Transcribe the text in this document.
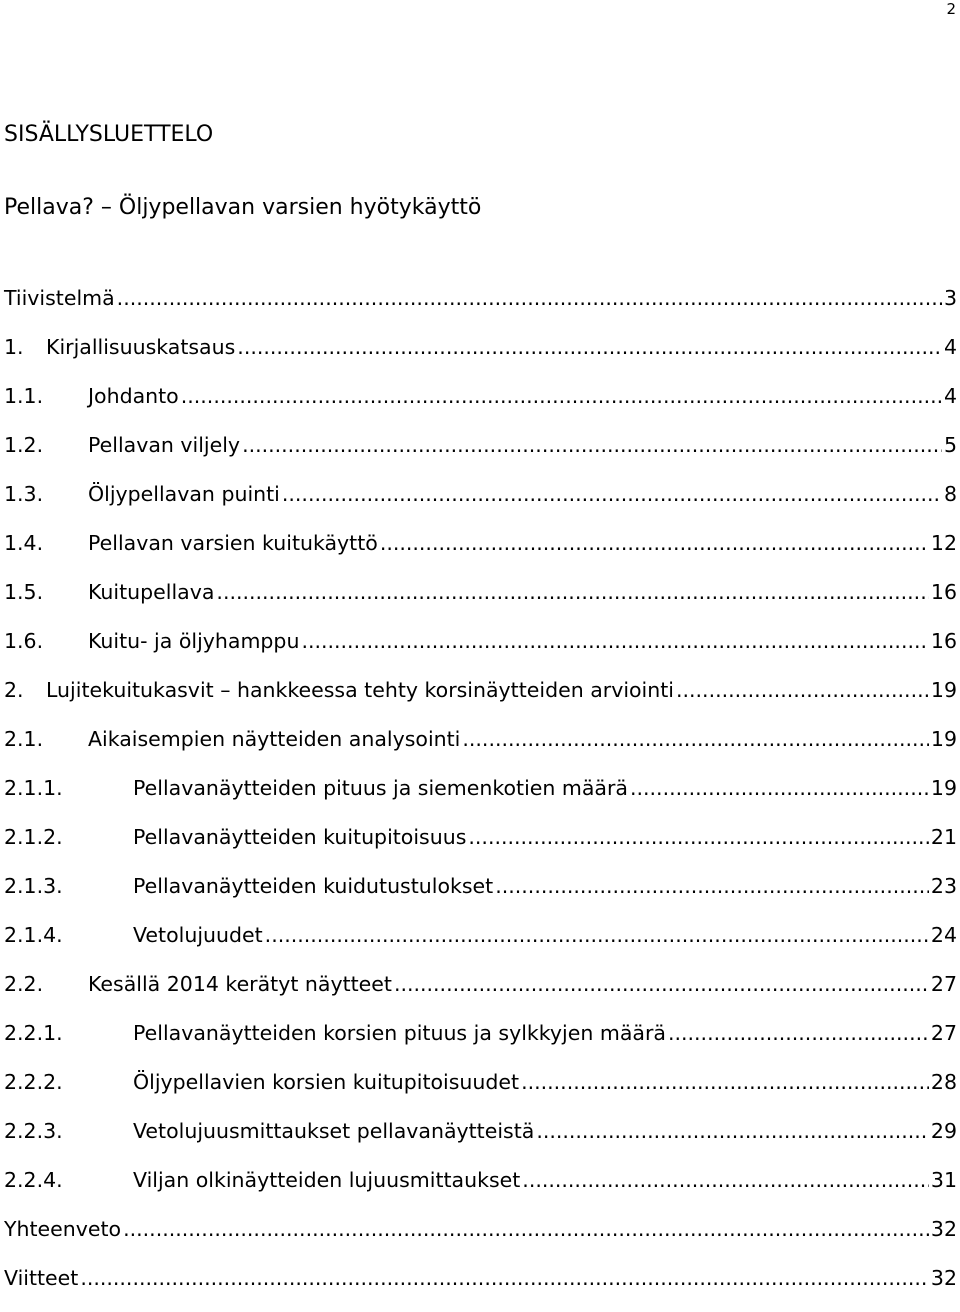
2
SISÄLLYSLUETTELO
Pellava? – Öljypellavan varsien hyötykäyttö
Tiivistelmä .....	3
1.	Kirjallisuuskatsaus .....	4
1.1.	Johdanto .....	4
1.2.	Pellavan viljely .....	5
1.3.	Öljypellavan puinti .....	8
1.4.	Pellavan varsien kuitukäyttö .....	12
1.5.	Kuitupellava .....	16
1.6.	Kuitu- ja öljyhamppu .....	16
2.	Lujitekuitukasvit – hankkeessa tehty korsinäytteiden arviointi .....	19
2.1.	Aikaisempien näytteiden analysointi .....	19
2.1.1.	Pellavanäytteiden pituus ja siemenkotien määrä .....	19
2.1.2.	Pellavanäytteiden kuitupitoisuus .....	21
2.1.3.	Pellavanäytteiden kuidutustulokset .....	23
2.1.4.	Vetolujuudet .....	24
2.2.	Kesällä 2014 kerätyt näytteet .....	27
2.2.1.	Pellavanäytteiden korsien pituus ja sylkkyjen määrä .....	27
2.2.2.	Öljypellavien korsien kuitupitoisuudet .....	28
2.2.3.	Vetolujuusmittaukset pellavanäytteistä .....	29
2.2.4.	Viljan olkinäytteiden lujuusmittaukset .....	31
Yhteenveto .....	32
Viitteet .....	32
